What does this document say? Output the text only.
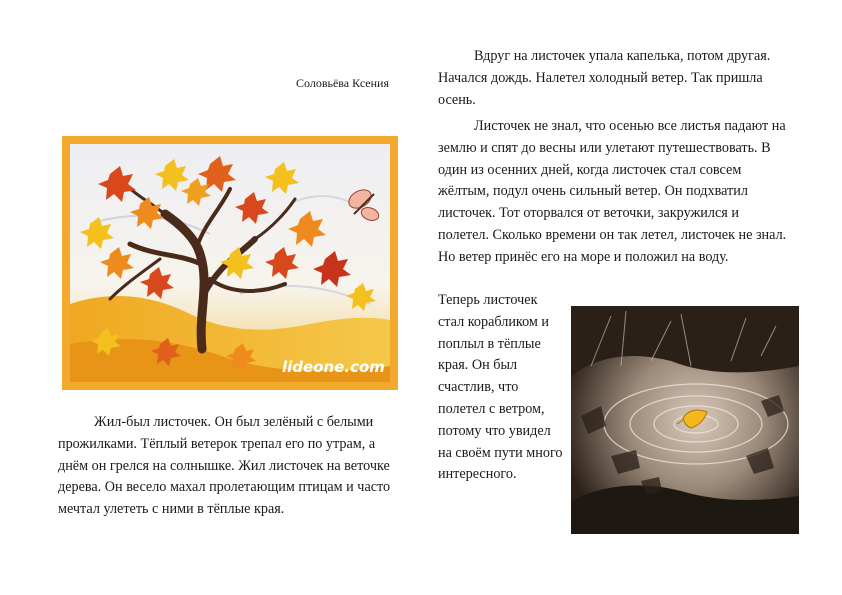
Соловьёва Ксения
lideone.com

Жил-был листочек. Он был зелёный с белыми прожилками. Тёплый ветерок трепал его по утрам, а днём он грелся на солнышке. Жил листочек на веточке дерева. Он весело махал пролетающим птицам и часто мечтал улететь с ними в тёплые края.

Вдруг на листочек упала капелька, потом другая. Начался дождь. Налетел холодный ветер. Так пришла осень.

Листочек не знал, что осенью все листья падают на землю и спят до весны или улетают путешествовать. В один из осенних дней, когда листочек стал совсем жёлтым, подул очень сильный ветер. Он подхватил листочек. Тот оторвался от веточки, закружился и полетел. Сколько времени он так летел, листочек не знал. Но ветер принёс его на море и положил на воду.

Теперь листочек стал корабликом и поплыл в тёплые края. Он был счастлив, что полетел с ветром, потому что увидел на своём пути много интересного.
